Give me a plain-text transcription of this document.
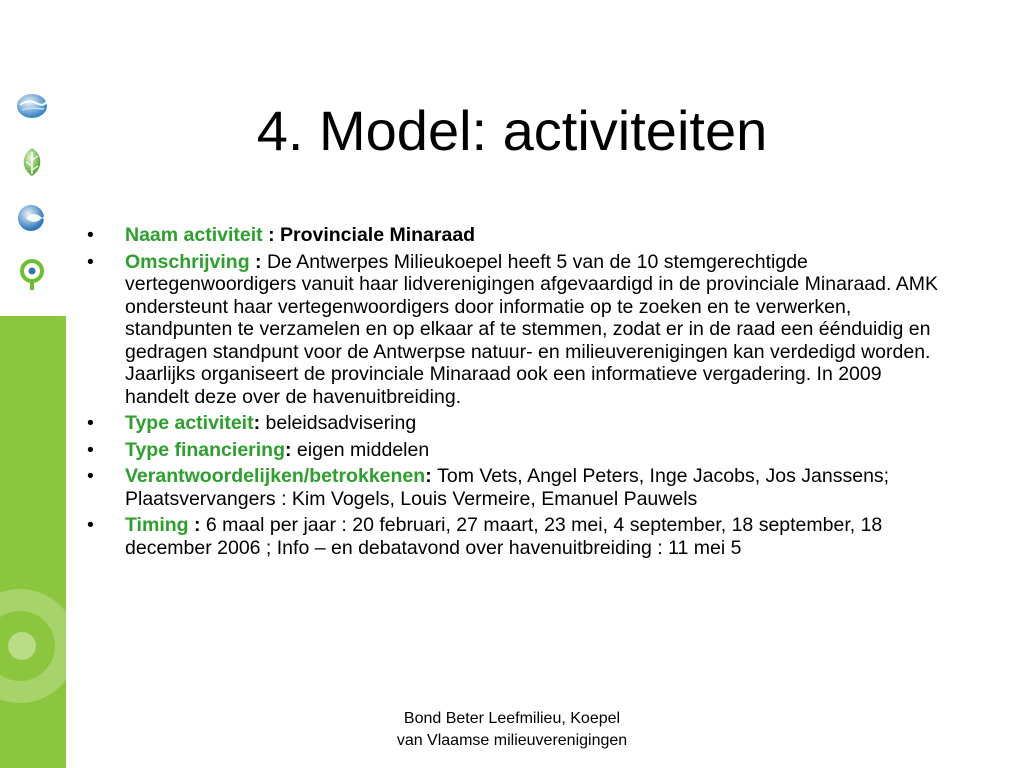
4. Model: activiteiten
• Naam activiteit : Provinciale Minaraad
• Omschrijving : De Antwerpes Milieukoepel heeft 5 van de 10 stemgerechtigde vertegenwoordigers vanuit haar lidverenigingen afgevaardigd in de provinciale Minaraad. AMK ondersteunt haar vertegenwoordigers door informatie op te zoeken en te verwerken, standpunten te verzamelen en op elkaar af te stemmen, zodat er in de raad een éénduidig en gedragen standpunt voor de Antwerpse natuur- en milieuverenigingen kan verdedigd worden. Jaarlijks organiseert de provinciale Minaraad ook een informatieve vergadering. In 2009 handelt deze over de havenuitbreiding.
• Type activiteit: beleidsadvisering
• Type financiering: eigen middelen
• Verantwoordelijken/betrokkenen: Tom Vets, Angel Peters, Inge Jacobs, Jos Janssens; Plaatsvervangers : Kim Vogels, Louis Vermeire, Emanuel Pauwels
• Timing : 6 maal per jaar : 20 februari, 27 maart, 23 mei, 4 september, 18 september, 18 december 2006 ; Info – en debatavond over havenuitbreiding : 11 mei 5
Bond Beter Leefmilieu, Koepel
van Vlaamse milieuverenigingen
